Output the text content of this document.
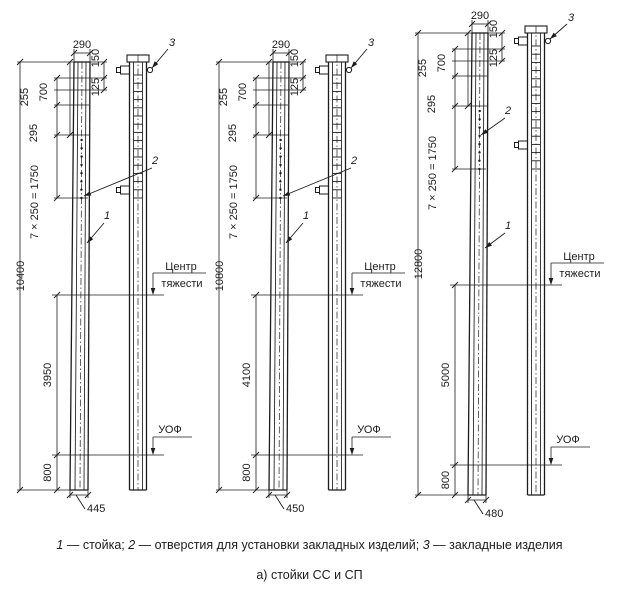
10400
290
150
125
255
295
7 × 250 = 1750
700
3950
800
Центр
тяжести
УОФ
445
1
2
3
10800
290
150
125
255
295
7 × 250 = 1750
700
4100
800
Центр
тяжести
УОФ
450
1
2
3
12800
290
150
125
255
295
7 × 250 = 1750
700
5000
800
Центр
тяжести
УОФ
480
1
2
3
1 — стойка; 2 — отверстия для установки закладных изделий; 3 — закладные изделия
а) стойки СС и СП
